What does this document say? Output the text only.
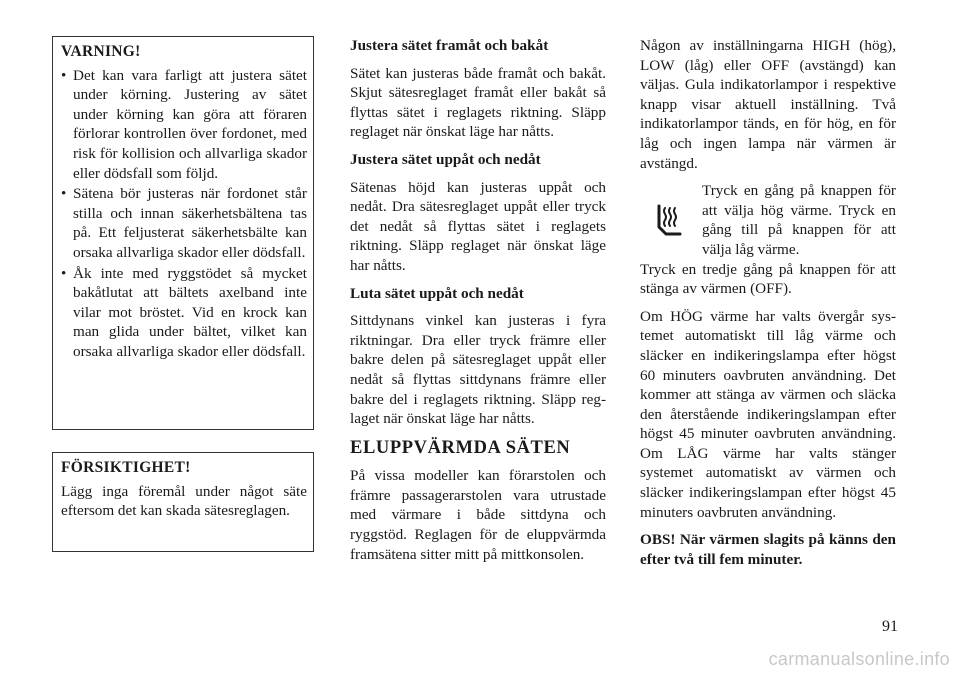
VARNING!
• Det kan vara farligt att justera sätet under körning. Justering av sätet under körning kan göra att föraren förlorar kontrollen över fordonet, med risk för kollision och allvarliga skador eller dödsfall som följd.
• Sätena bör justeras när fordonet står stilla och innan säkerhetsbältena tas på. Ett feljusterat säkerhetsbälte kan orsaka allvarliga skador eller dödsfall.
• Åk inte med ryggstödet så mycket bakåtlutat att bältets axelband inte vilar mot bröstet. Vid en krock kan man glida under bältet, vilket kan orsaka allvarliga skador eller dödsfall.
FÖRSIKTIGHET!

Lägg inga föremål under något säte eftersom det kan skada sätesreglagen.

Justera sätet framåt och bakåt

Sätet kan justeras både framåt och bakåt. Skjut sätesreglaget framåt eller bakåt så flyttas sätet i reglagets riktning. Släpp reglaget när önskat läge har nåtts.

Justera sätet uppåt och nedåt

Sätenas höjd kan justeras uppåt och nedåt. Dra sätesreglaget uppåt eller tryck det nedåt så flyttas sätet i reglagets riktning. Släpp reglaget när önskat läge har nåtts.

Luta sätet uppåt och nedåt

Sittdynans vinkel kan justeras i fyra riktningar. Dra eller tryck främre eller bakre delen på sätesreglaget uppåt eller nedåt så flyttas sittdynans främre eller bakre del i reglagets riktning. Släpp reglaget när önskat läge har nåtts.

ELUPPVÄRMDA SÄTEN

På vissa modeller kan förarstolen och främre passagerarstolen vara utrustade med värmare i både sittdyna och ryggstöd. Reglagen för de eluppvärmda framsätena sitter mitt på mittkonsolen.

Någon av inställningarna HIGH (hög), LOW (låg) eller OFF (avstängd) kan väljas. Gula indikatorlampor i respektive knapp visar aktuell inställning. Två indikatorlampor tänds, en för hög, en för låg och ingen lampa när värmen är avstängd.

Tryck en gång på knappen för att välja hög värme. Tryck en gång till på knappen för att välja låg värme.

Tryck en tredje gång på knappen för att stänga av värmen (OFF).

Om HÖG värme har valts övergår systemet automatiskt till låg värme och släcker en indikeringslampa efter högst 60 minuters oavbruten användning. Det kommer att stänga av värmen och släcka den återstående indikeringslampan efter högst 45 minuter oavbruten användning. Om LÅG värme har valts stänger systemet automatiskt av värmen och släcker indikeringslampan efter högst 45 minuters oavbruten användning.

OBS! När värmen slagits på känns den efter två till fem minuter.

91
carmanualsonline.info
